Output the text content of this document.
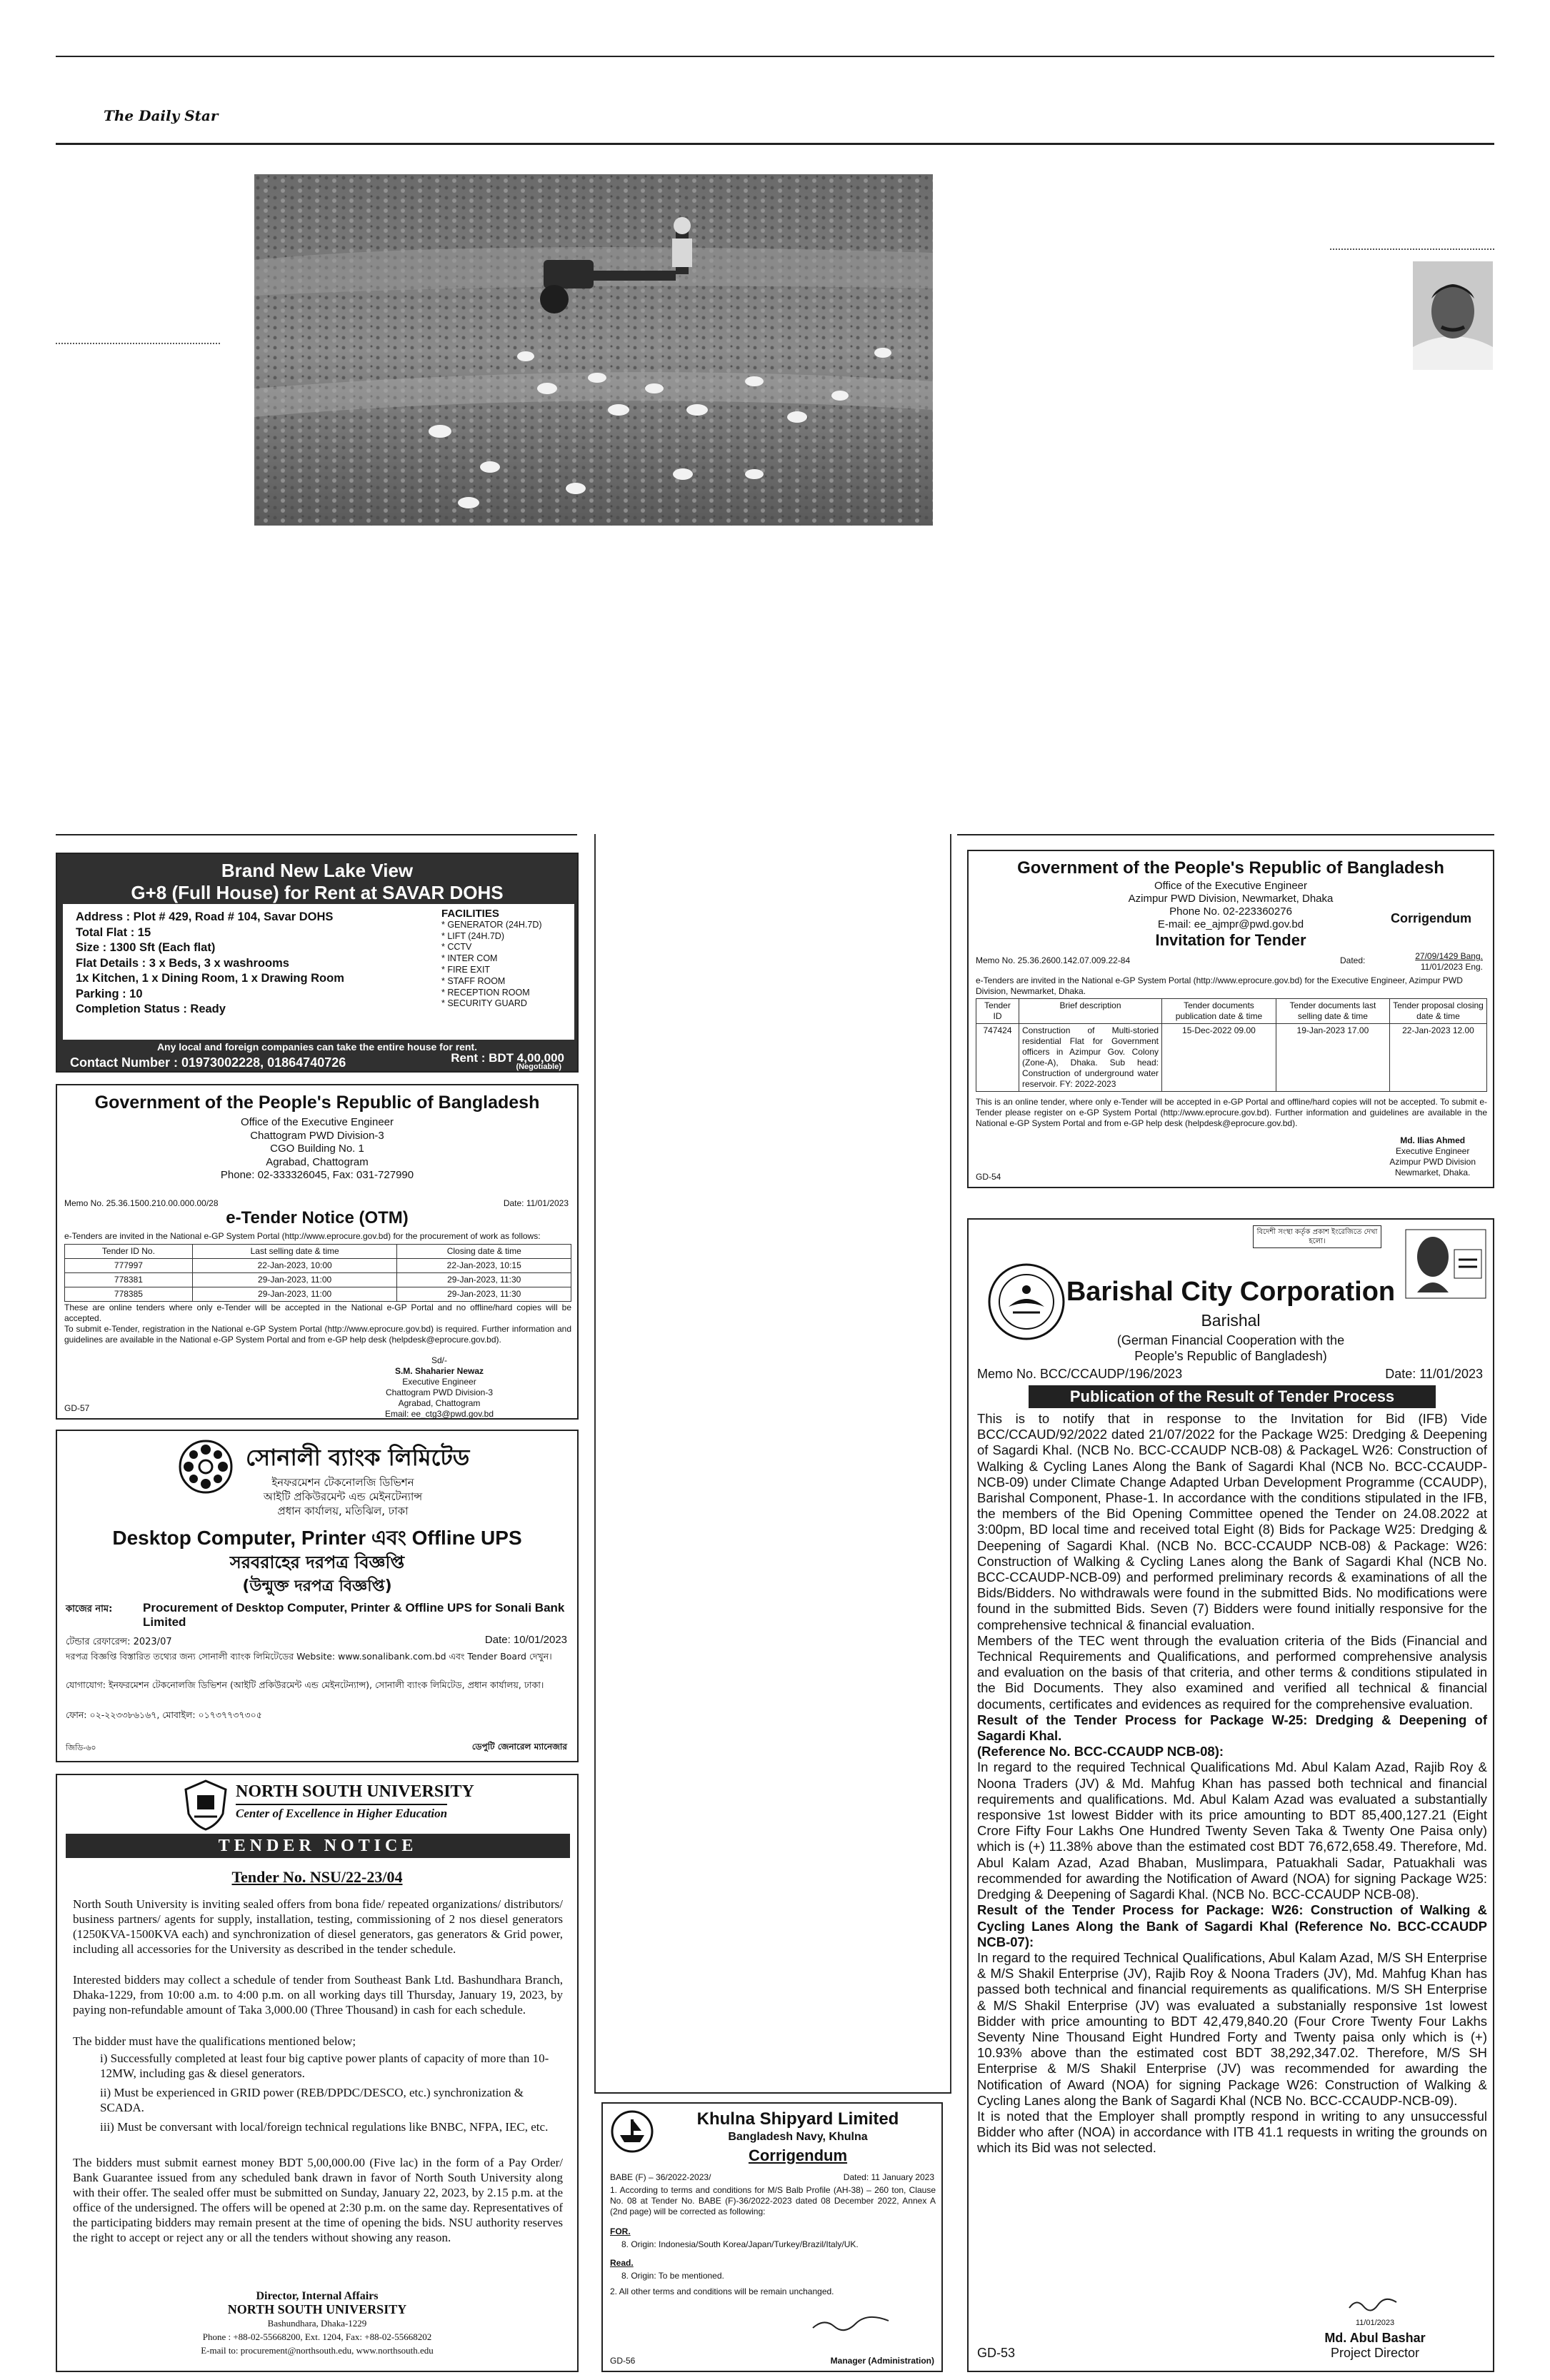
The Daily Star
Brand New Lake View
G+8 (Full House) for Rent at SAVAR DOHS
Address : Plot # 429, Road # 104, Savar DOHS
Total Flat : 15
Size : 1300 Sft (Each flat)
Flat Details : 3 x Beds, 3 x washrooms
1x Kitchen, 1 x Dining Room, 1 x Drawing Room
Parking : 10
Completion Status : Ready
FACILITIES
* GENERATOR (24H.7D)
* LIFT (24H.7D)
* CCTV
* INTER COM
* FIRE EXIT
* STAFF ROOM
* RECEPTION ROOM
* SECURITY GUARD
Any local and foreign companies can take the entire house for rent.
Contact Number : 01973002228, 01864740726	Rent : BDT 4,00,000
(Negotiable)
Government of the People's Republic of Bangladesh
Office of the Executive Engineer
Chattogram PWD Division-3
CGO Building No. 1
Agrabad, Chattogram
Phone: 02-333326045, Fax: 031-727990
Memo No. 25.36.1500.210.00.000.00/28	Date: 11/01/2023
e-Tender Notice (OTM)
e-Tenders are invited in the National e-GP System Portal (http://www.eprocure.gov.bd) for the procurement of work as follows:
Tender ID No.	Last selling date & time	Closing date & time
777997	22-Jan-2023, 10:00	22-Jan-2023, 10:15
778381	29-Jan-2023, 11:00	29-Jan-2023, 11:30
778385	29-Jan-2023, 11:00	29-Jan-2023, 11:30
These are online tenders where only e-Tender will be accepted in the National e-GP Portal and no offline/hard copies will be accepted.
To submit e-Tender, registration in the National e-GP System Portal (http://www.eprocure.gov.bd) is required. Further information and guidelines are available in the National e-GP System Portal and from e-GP help desk (helpdesk@eprocure.gov.bd).
Sd/-
S.M. Shaharier Newaz
Executive Engineer
Chattogram PWD Division-3
Agrabad, Chattogram
Email: ee_ctg3@pwd.gov.bd
GD-57
সোনালী ব্যাংক লিমিটেড
ইনফরমেশন টেকনোলজি ডিভিশন
আইটি প্রকিউরমেন্ট এন্ড মেইনটেন্যান্স
প্রধান কার্যালয়, মতিঝিল, ঢাকা
Desktop Computer, Printer এবং Offline UPS
সরবরাহের দরপত্র বিজ্ঞপ্তি
(উন্মুক্ত দরপত্র বিজ্ঞপ্তি)
কাজের নাম:	Procurement of Desktop Computer, Printer & Offline UPS for Sonali Bank Limited
টেন্ডার রেফারেন্স: 2023/07	Date: 10/01/2023
দরপত্র বিজ্ঞপ্তি বিস্তারিত তথ্যের জন্য সোনালী ব্যাংক লিমিটেডের Website: www.sonalibank.com.bd এবং Tender Board দেখুন।
যোগাযোগ: ইনফরমেশন টেকনোলজি ডিভিশন (আইটি প্রকিউরমেন্ট এন্ড মেইনটেন্যান্স), সোনালী ব্যাংক লিমিটেড, প্রধান কার্যালয়, ঢাকা।
ফোন: ০২-২২৩৩৮৬১৬৭, মোবাইল: ০১৭৩৭৭৩৭৩০৫
জিডি-৬০	ডেপুটি জেনারেল ম্যানেজার
NORTH SOUTH UNIVERSITY
Center of Excellence in Higher Education
TENDER NOTICE
Tender No. NSU/22-23/04
North South University is inviting sealed offers from bona fide/ repeated organizations/ distributors/ business partners/ agents for supply, installation, testing, commissioning of 2 nos diesel generators (1250KVA-1500KVA each) and synchronization of diesel generators, gas generators & Grid power, including all accessories for the University as described in the tender schedule.
Interested bidders may collect a schedule of tender from Southeast Bank Ltd. Bashundhara Branch, Dhaka-1229, from 10:00 a.m. to 4:00 p.m. on all working days till Thursday, January 19, 2023, by paying non-refundable amount of Taka 3,000.00 (Three Thousand) in cash for each schedule.
The bidder must have the qualifications mentioned below;
i) Successfully completed at least four big captive power plants of capacity of more than 10-12MW, including gas & diesel generators.
ii) Must be experienced in GRID power (REB/DPDC/DESCO, etc.) synchronization & SCADA.
iii) Must be conversant with local/foreign technical regulations like BNBC, NFPA, IEC, etc.
The bidders must submit earnest money BDT 5,00,000.00 (Five lac) in the form of a Pay Order/ Bank Guarantee issued from any scheduled bank drawn in favor of North South University along with their offer. The sealed offer must be submitted on Sunday, January 22, 2023, by 2.15 p.m. at the office of the undersigned. The offers will be opened at 2:30 p.m. on the same day. Representatives of the participating bidders may remain present at the time of opening the bids. NSU authority reserves the right to accept or reject any or all the tenders without showing any reason.
Director, Internal Affairs
NORTH SOUTH UNIVERSITY
Bashundhara, Dhaka-1229
Phone : +88-02-55668200, Ext. 1204, Fax: +88-02-55668202
E-mail to: procurement@northsouth.edu, www.northsouth.edu
Government of the People's Republic of Bangladesh
Office of the Executive Engineer
Azimpur PWD Division, Newmarket, Dhaka
Phone No. 02-223360276
E-mail: ee_ajmpr@pwd.gov.bd	Corrigendum
Invitation for Tender
Memo No. 25.36.2600.142.07.009.22-84	Dated:	27/09/1429 Bang.
11/01/2023 Eng.
e-Tenders are invited in the National e-GP System Portal (http://www.eprocure.gov.bd) for the Executive Engineer, Azimpur PWD Division, Newmarket, Dhaka.
Tender ID	Brief description	Tender documents publication date & time	Tender documents last selling date & time	Tender proposal closing date & time
747424	Construction of Multi-storied residential Flat for Government officers in Azimpur Gov. Colony (Zone-A), Dhaka. Sub head: Construction of underground water reservoir. FY: 2022-2023	15-Dec-2022 09.00	19-Jan-2023 17.00	22-Jan-2023 12.00
This is an online tender, where only e-Tender will be accepted in e-GP Portal and offline/hard copies will not be accepted. To submit e-Tender please register on e-GP System Portal (http://www.eprocure.gov.bd). Further information and guidelines are available in the National e-GP System Portal and from e-GP help desk (helpdesk@eprocure.gov.bd).
Md. Ilias Ahmed
Executive Engineer
Azimpur PWD Division
Newmarket, Dhaka.
GD-54
বিদেশী সংস্থা কর্তৃক প্রকাশ ইংরেজিতে দেখা হলো।
Barishal City Corporation
Barishal
(German Financial Cooperation with the
People's Republic of Bangladesh)
Memo No. BCC/CCAUDP/196/2023	Date: 11/01/2023
Publication of the Result of Tender Process

This is to notify that in response to the Invitation for Bid (IFB) Vide BCC/CCAUD/92/2022 dated 21/07/2022 for the Package W25: Dredging & Deepening of Sagardi Khal. (NCB No. BCC-CCAUDP NCB-08) & PackageL W26: Construction of Walking & Cycling Lanes Along the Bank of Sagardi Khal (NCB No. BCC-CCAUDP-NCB-09) under Climate Change Adapted Urban Development Programme (CCAUDP), Barishal Component, Phase-1. In accordance with the conditions stipulated in the IFB, the members of the Bid Opening Committee opened the Tender on 24.08.2022 at 3:00pm, BD local time and received total Eight (8) Bids for Package W25: Dredging & Deepening of Sagardi Khal. (NCB No. BCC-CCAUDP NCB-08) & Package: W26: Construction of Walking & Cycling Lanes along the Bank of Sagardi Khal (NCB No. BCC-CCAUDP-NCB-09) and performed preliminary records & examinations of all the Bids/Bidders. No withdrawals were found in the submitted Bids. No modifications were found in the submitted Bids. Seven (7) Bidders were found initially responsive for the comprehensive technical & financial evaluation.

Members of the TEC went through the evaluation criteria of the Bids (Financial and Technical Requirements and Qualifications, and performed comprehensive analysis and evaluation on the basis of that criteria, and other terms & conditions stipulated in the Bid Documents. They also examined and verified all technical & financial documents, certificates and evidences as required for the comprehensive evaluation.

Result of the Tender Process for Package W-25: Dredging & Deepening of Sagardi Khal.

(Reference No. BCC-CCAUDP NCB-08):

In regard to the required Technical Qualifications Md. Abul Kalam Azad, Rajib Roy & Noona Traders (JV) & Md. Mahfug Khan has passed both technical and financial requirements and qualifications. Md. Abul Kalam Azad was evaluated a substantially responsive 1st lowest Bidder with its price amounting to BDT 85,400,127.21 (Eight Crore Fifty Four Lakhs One Hundred Twenty Seven Taka & Twenty One Paisa only) which is (+) 11.38% above than the estimated cost BDT 76,672,658.49. Therefore, Md. Abul Kalam Azad, Azad Bhaban, Muslimpara, Patuakhali Sadar, Patuakhali was recommended for awarding the Notification of Award (NOA) for signing Package W25: Dredging & Deepening of Sagardi Khal. (NCB No. BCC-CCAUDP NCB-08).

Result of the Tender Process for Package: W26: Construction of Walking & Cycling Lanes Along the Bank of Sagardi Khal (Reference No. BCC-CCAUDP NCB-07):

In regard to the required Technical Qualifications, Abul Kalam Azad, M/S SH Enterprise & M/S Shakil Enterprise (JV), Rajib Roy & Noona Traders (JV), Md. Mahfug Khan has passed both technical and financial requirements as qualifications. M/S SH Enterprise & M/S Shakil Enterprise (JV) was evaluated a substanially responsive 1st lowest Bidder with price amounting to BDT 42,479,840.20 (Four Crore Twenty Four Lakhs Seventy Nine Thousand Eight Hundred Forty and Twenty paisa only which is (+) 10.93% above than the estimated cost BDT 38,292,347.02. Therefore, M/S SH Enterprise & M/S Shakil Enterprise (JV) was recommended for awarding the Notification of Award (NOA) for signing Package W26: Construction of Walking & Cycling Lanes along the Bank of Sagardi Khal (NCB No. BCC-CCAUDP-NCB-09).

It is noted that the Employer shall promptly respond in writing to any unsuccessful Bidder who after (NOA) in accordance with ITB 41.1 requests in writing the grounds on which its Bid was not selected.

11/01/2023
Md. Abul Bashar
Project Director
GD-53
Khulna Shipyard Limited
Bangladesh Navy, Khulna
Corrigendum
BABE (F) – 36/2022-2023/	Dated: 11 January 2023
1. According to terms and conditions for M/S Balb Profile (AH-38) – 260 ton, Clause No. 08 at Tender No. BABE (F)-36/2022-2023 dated 08 December 2022, Annex A (2nd page) will be corrected as following:
FOR.
8. Origin: Indonesia/South Korea/Japan/Turkey/Brazil/Italy/UK.
Read.
8. Origin: To be mentioned.
2. All other terms and conditions will be remain unchanged.
GD-56	Manager (Administration)
